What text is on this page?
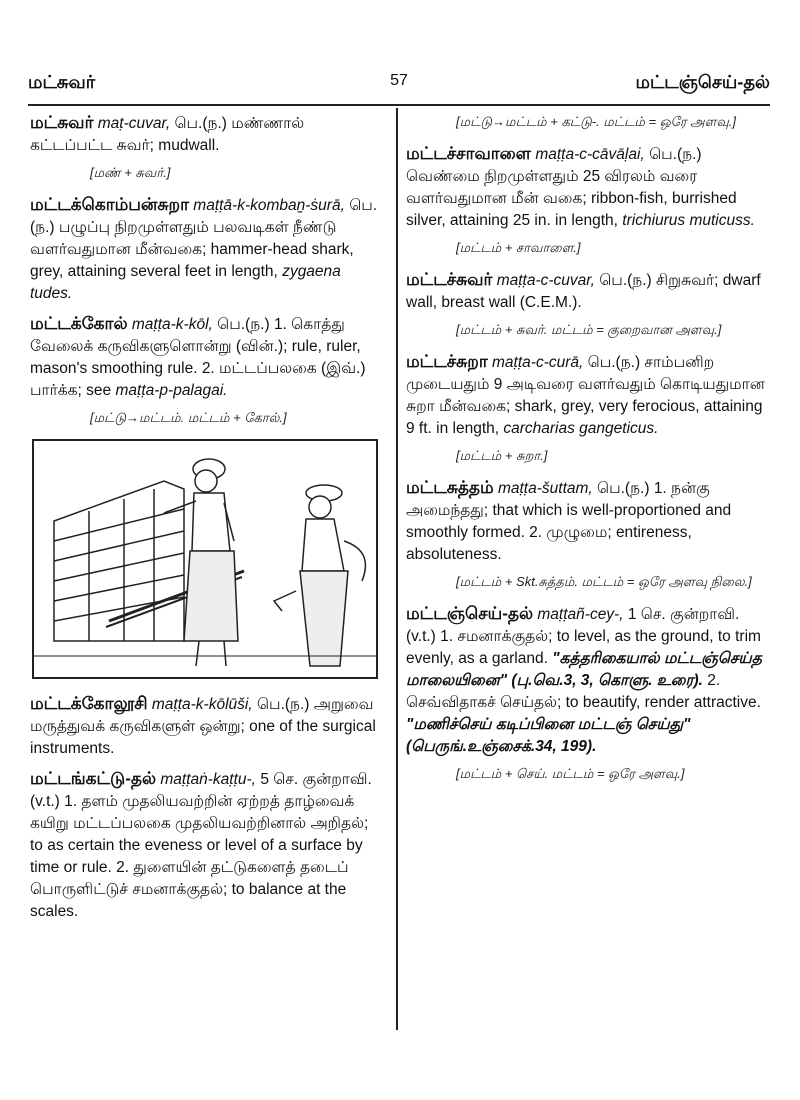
மட்சுவர்	57	மட்டஞ்செய்-தல்
மட்சுவர் maṭ-cuvar, பெ.(ந.) மண்ணால் கட்டப்பட்ட சுவர்; mudwall.
[மண் + சுவர்.]
மட்டக்கொம்பன்சுறா maṭṭā-k-kombaṉ-ṡurā, பெ.(ந.) பழுப்பு நிறமுள்ளதும் பலவடிகள் நீண்டு வளர்வதுமான மீன்வகை; hammer-head shark, grey, attaining several feet in length, zygaena tudes.
மட்டக்கோல் maṭṭa-k-kōl, பெ.(ந.) 1. கொத்து வேலைக் கருவிகளுளொன்று (வின்.); rule, ruler, mason's smoothing rule. 2. மட்டப்பலகை (இவ்.) பார்க்க; see maṭṭa-p-palagai.
[மட்டு→மட்டம். மட்டம் + கோல்.]
மட்டக்கோலூசி maṭṭa-k-kōlūši, பெ.(ந.) அறுவை மருத்துவக் கருவிகளுள் ஒன்று; one of the surgical instruments.
மட்டங்கட்டு-தல் maṭṭaṅ-kaṭṭu-, 5 செ. குன்றாவி.(v.t.) 1. தளம் முதலியவற்றின் ஏற்றத் தாழ்வைக் கயிறு மட்டப்பலகை முதலியவற்றினால் அறிதல்; to as certain the eveness or level of a surface by time or rule. 2. துளையின் தட்டுகளைத் தடைப் பொருளிட்டுச் சமனாக்குதல்; to balance at the scales.
[மட்டு→மட்டம் + கட்டு-. மட்டம் = ஒரே அளவு.]
மட்டச்சாவாளை maṭṭa-c-cāvāḷai, பெ.(ந.) வெண்மை நிறமுள்ளதும் 25 விரலம் வரை வளர்வதுமான மீன் வகை; ribbon-fish, burrished silver, attaining 25 in. in length, trichiurus muticuss.
[மட்டம் + சாவாளை.]
மட்டச்சுவர் maṭṭa-c-cuvar, பெ.(ந.) சிறுசுவர்; dwarf wall, breast wall (C.E.M.).
[மட்டம் + சுவர். மட்டம் = குறைவான அளவு.]
மட்டச்சுறா maṭṭa-c-curā, பெ.(ந.) சாம்பனிற முடையதும் 9 அடிவரை வளர்வதும் கொடியதுமான சுறா மீன்வகை; shark, grey, very ferocious, attaining 9 ft. in length, carcharias gangeticus.
[மட்டம் + சுறா.]
மட்டசுத்தம் maṭṭa-šuttam, பெ.(ந.) 1. நன்கு அமைந்தது; that which is well-proportioned and smoothly formed. 2. முழுமை; entireness, absoluteness.
[மட்டம் + Skt.சுத்தம். மட்டம் = ஒரே அளவு நிலை.]
மட்டஞ்செய்-தல் maṭṭañ-cey-, 1 செ. குன்றாவி. (v.t.) 1. சமனாக்குதல்; to level, as the ground, to trim evenly, as a garland. "கத்தரிகையால் மட்டஞ்செய்த மாலையினை" (பு.வெ.3, 3, கொளு. உரை). 2. செவ்விதாகச் செய்தல்; to beautify, render attractive. "மணிச்செய் கடிப்பினை மட்டஞ் செய்து" (பெருங்.உஞ்சைக்.34, 199).
[மட்டம் + செய். மட்டம் = ஒரே அளவு.]
